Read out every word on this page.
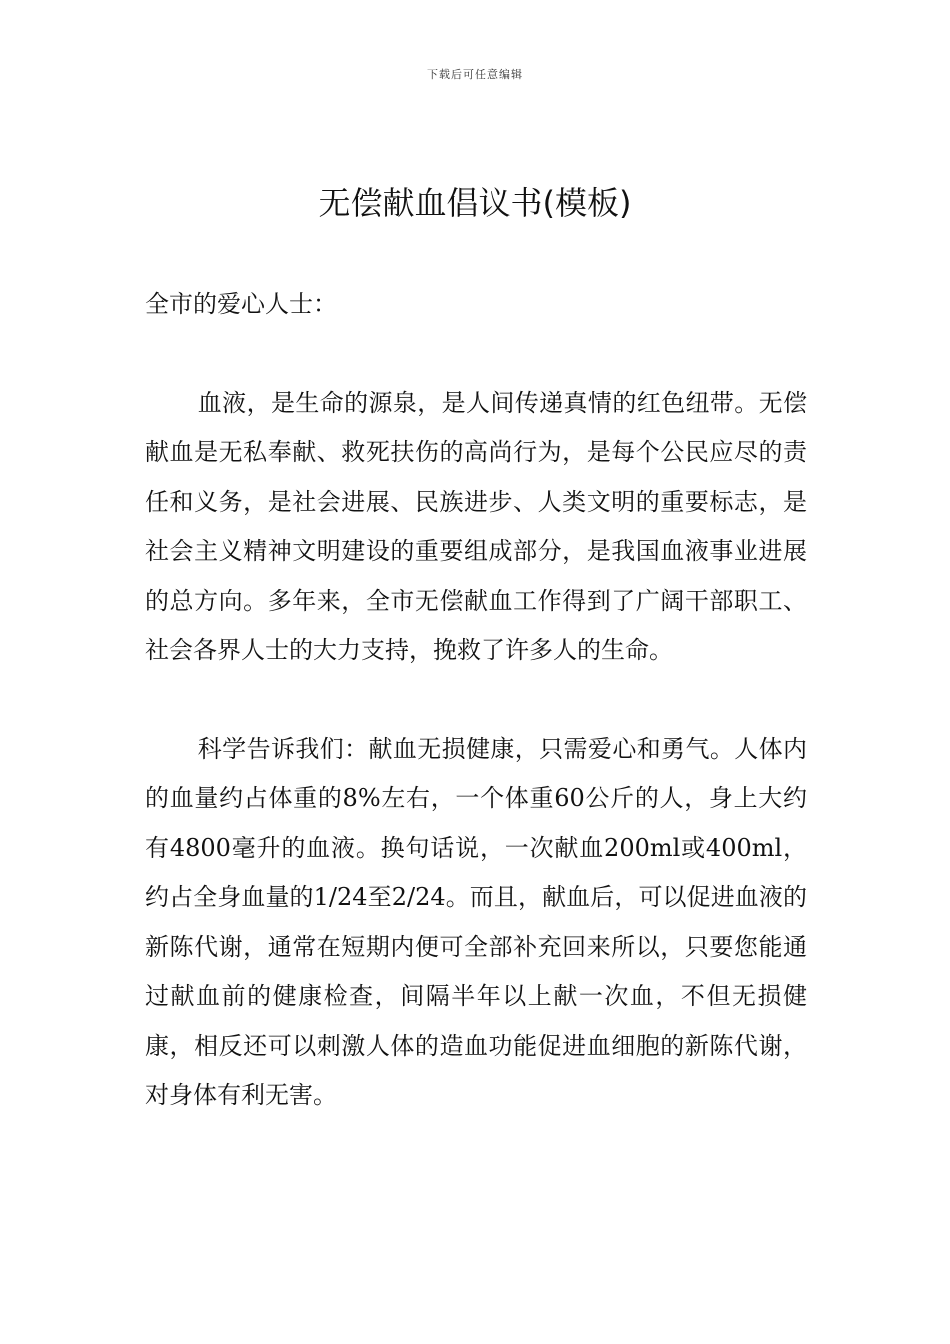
下载后可任意编辑
无偿献血倡议书(模板)

全市的爱心人士：

血液，是生命的源泉，是人间传递真情的红色纽带。无偿献血是无私奉献、救死扶伤的高尚行为，是每个公民应尽的责任和义务，是社会进展、民族进步、人类文明的重要标志，是社会主义精神文明建设的重要组成部分，是我国血液事业进展的总方向。多年来，全市无偿献血工作得到了广阔干部职工、社会各界人士的大力支持，挽救了许多人的生命。

科学告诉我们：献血无损健康，只需爱心和勇气。人体内的血量约占体重的8%左右，一个体重60公斤的人，身上大约有4800毫升的血液。换句话说，一次献血200ml或400ml，约占全身血量的1/24至2/24。而且，献血后，可以促进血液的新陈代谢，通常在短期内便可全部补充回来所以，只要您能通过献血前的健康检查，间隔半年以上献一次血，不但无损健康，相反还可以刺激人体的造血功能促进血细胞的新陈代谢，对身体有利无害。
